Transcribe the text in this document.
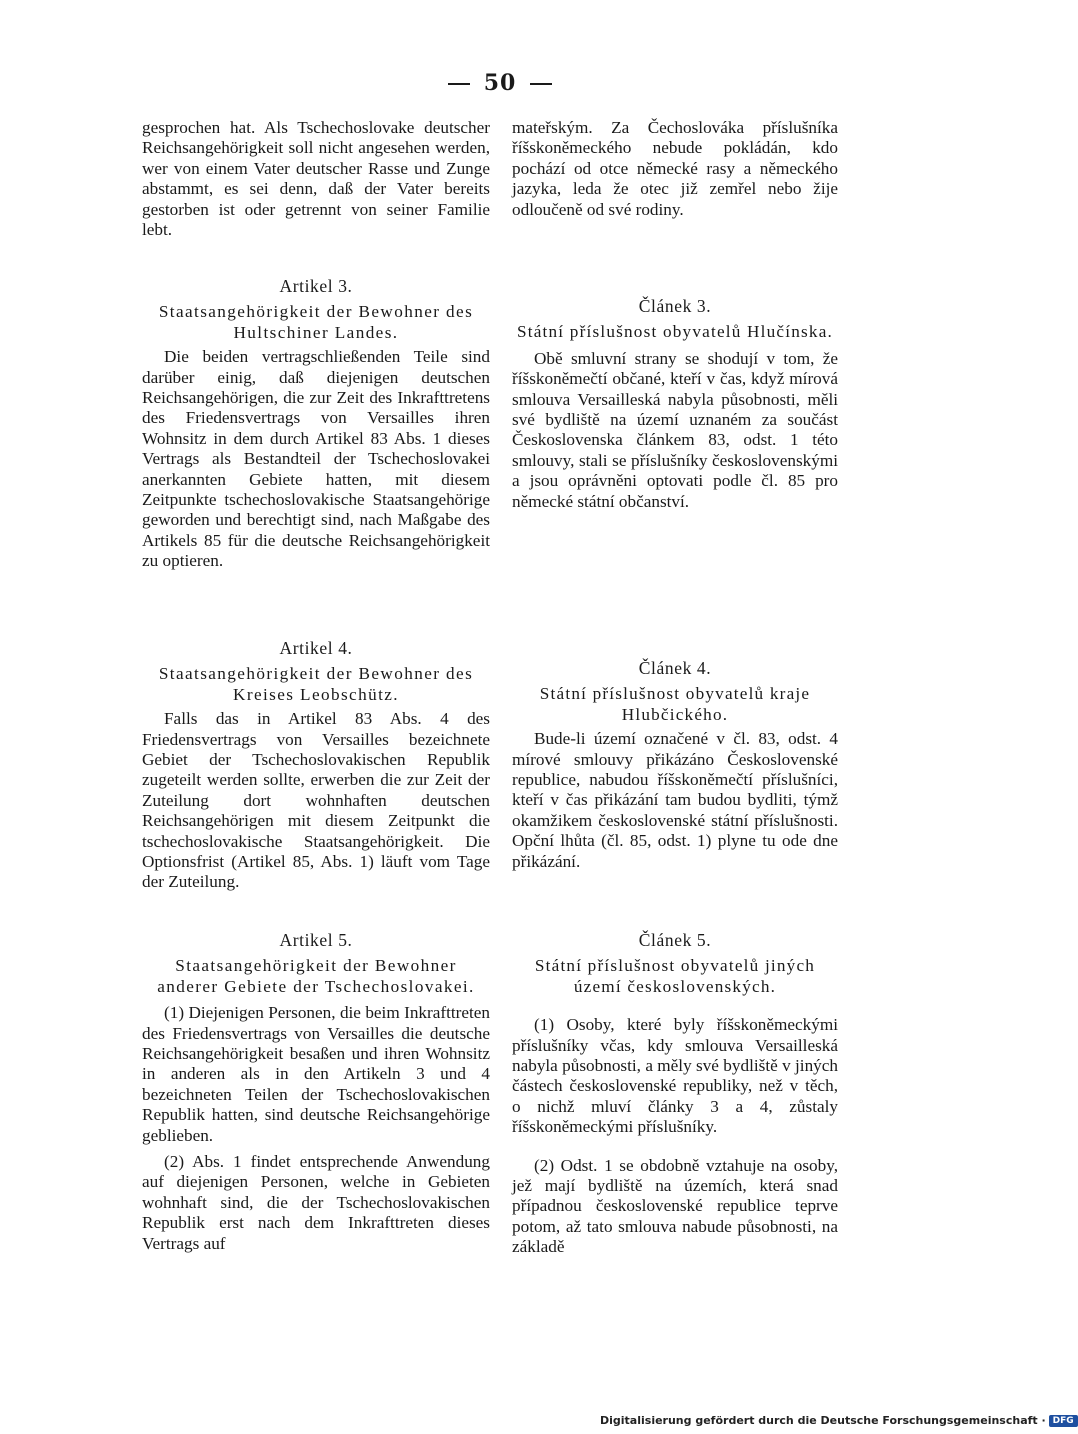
50

gesprochen hat. Als Tschechoslovake deutscher Reichsangehörigkeit soll nicht angesehen werden, wer von einem Vater deutscher Rasse und Zunge abstammt, es sei denn, daß der Vater bereits gestorben ist oder getrennt von seiner Familie lebt.

Artikel 3.

Staatsangehörigkeit der Bewohner des Hultschiner Landes.

Die beiden vertragschließenden Teile sind darüber einig, daß diejenigen deutschen Reichsangehörigen, die zur Zeit des Inkrafttretens des Friedensvertrags von Versailles ihren Wohnsitz in dem durch Artikel 83 Abs. 1 dieses Vertrags als Bestandteil der Tschechoslovakei anerkannten Gebiete hatten, mit diesem Zeitpunkte tschechoslovakische Staatsangehörige geworden und berechtigt sind, nach Maßgabe des Artikels 85 für die deutsche Reichsangehörigkeit zu optieren.

Artikel 4.

Staatsangehörigkeit der Bewohner des Kreises Leobschütz.

Falls das in Artikel 83 Abs. 4 des Friedensvertrags von Versailles bezeichnete Gebiet der Tschechoslovakischen Republik zugeteilt werden sollte, erwerben die zur Zeit der Zuteilung dort wohnhaften deutschen Reichsangehörigen mit diesem Zeitpunkt die tschechoslovakische Staatsangehörigkeit. Die Optionsfrist (Artikel 85, Abs. 1) läuft vom Tage der Zuteilung.

Artikel 5.

Staatsangehörigkeit der Bewohner anderer Gebiete der Tschechoslovakei.

(1) Diejenigen Personen, die beim Inkrafttreten des Friedensvertrags von Versailles die deutsche Reichsangehörigkeit besaßen und ihren Wohnsitz in anderen als in den Artikeln 3 und 4 bezeichneten Teilen der Tschechoslovakischen Republik hatten, sind deutsche Reichsangehörige geblieben.

(2) Abs. 1 findet entsprechende Anwendung auf diejenigen Personen, welche in Gebieten wohnhaft sind, die der Tschechoslovakischen Republik erst nach dem Inkrafttreten dieses Vertrags auf

mateřským. Za Čechoslováka příslušníka říšskoněmeckého nebude pokládán, kdo pochází od otce německé rasy a německého jazyka, leda že otec již zemřel nebo žije odloučeně od své rodiny.

Článek 3.

Státní příslušnost obyvatelů Hlučínska.

Obě smluvní strany se shodují v tom, že říšskoněmečtí občané, kteří v čas, když mírová smlouva Versailleská nabyla působnosti, měli své bydliště na území uznaném za součást Československa článkem 83, odst. 1 této smlouvy, stali se příslušníky československými a jsou oprávněni optovati podle čl. 85 pro německé státní občanství.

Článek 4.

Státní příslušnost obyvatelů kraje Hlubčického.

Bude-li území označené v čl. 83, odst. 4 mírové smlouvy přikázáno Československé republice, nabudou říšskoněmečtí příslušníci, kteří v čas přikázání tam budou bydliti, týmž okamžikem československé státní příslušnosti. Opční lhůta (čl. 85, odst. 1) plyne tu ode dne přikázání.

Článek 5.

Státní příslušnost obyvatelů jiných území československých.

(1) Osoby, které byly říšskoněmeckými příslušníky včas, kdy smlouva Versailleská nabyla působnosti, a měly své bydliště v jiných částech československé republiky, než v těch, o nichž mluví články 3 a 4, zůstaly říšskoněmeckými příslušníky.

(2) Odst. 1 se obdobně vztahuje na osoby, jež mají bydliště na územích, která snad případnou československé republice teprve potom, až tato smlouva nabude působnosti, na základě

Digitalisierung gefördert durch die Deutsche Forschungsgemeinschaft · DFG
